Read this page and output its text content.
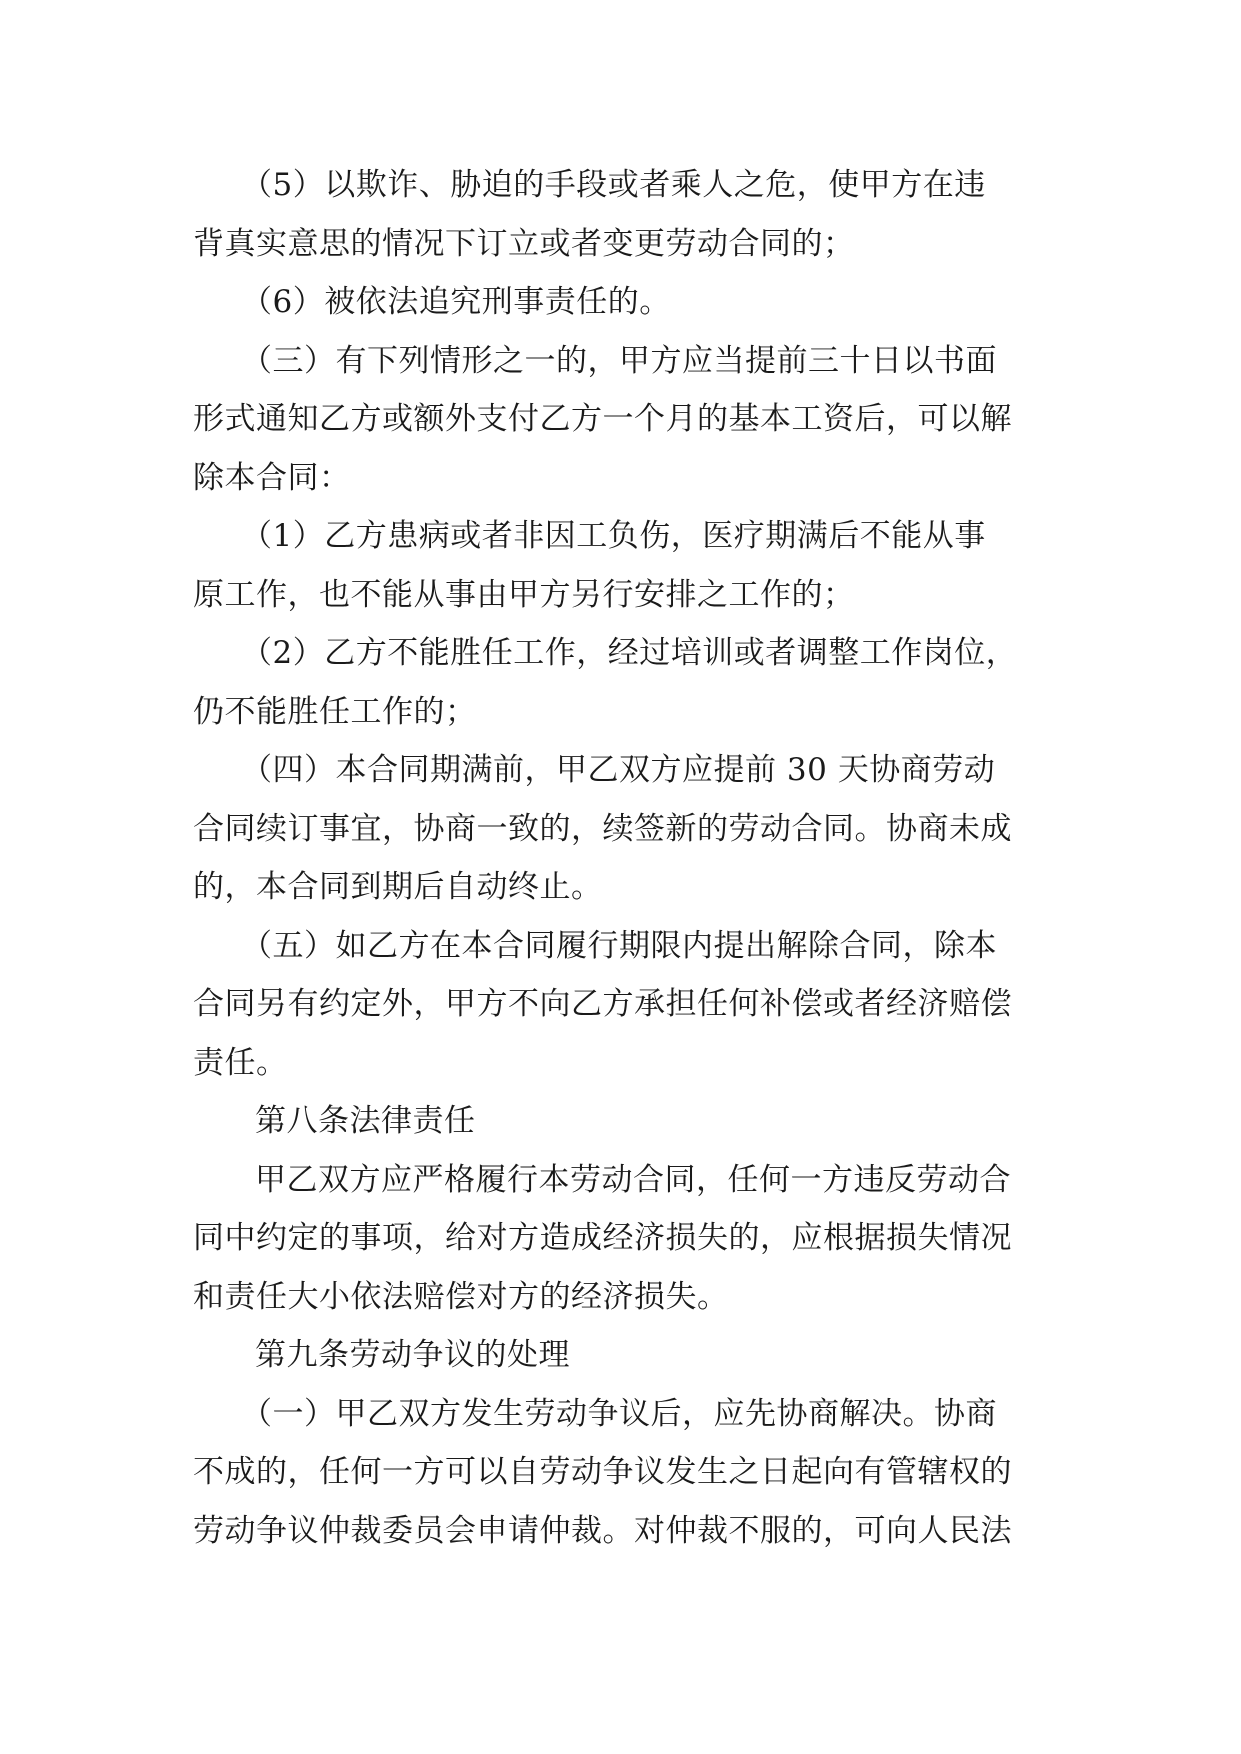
（5）以欺诈、胁迫的手段或者乘人之危，使甲方在违
背真实意思的情况下订立或者变更劳动合同的；
（6）被依法追究刑事责任的。
（三）有下列情形之一的，甲方应当提前三十日以书面
形式通知乙方或额外支付乙方一个月的基本工资后，可以解
除本合同：
（1）乙方患病或者非因工负伤，医疗期满后不能从事
原工作，也不能从事由甲方另行安排之工作的；
（2）乙方不能胜任工作，经过培训或者调整工作岗位，
仍不能胜任工作的；
（四）本合同期满前，甲乙双方应提前 30 天协商劳动
合同续订事宜，协商一致的，续签新的劳动合同。协商未成
的，本合同到期后自动终止。
（五）如乙方在本合同履行期限内提出解除合同，除本
合同另有约定外，甲方不向乙方承担任何补偿或者经济赔偿
责任。
第八条法律责任
甲乙双方应严格履行本劳动合同，任何一方违反劳动合
同中约定的事项，给对方造成经济损失的，应根据损失情况
和责任大小依法赔偿对方的经济损失。
第九条劳动争议的处理
（一）甲乙双方发生劳动争议后，应先协商解决。协商
不成的，任何一方可以自劳动争议发生之日起向有管辖权的
劳动争议仲裁委员会申请仲裁。对仲裁不服的，可向人民法
